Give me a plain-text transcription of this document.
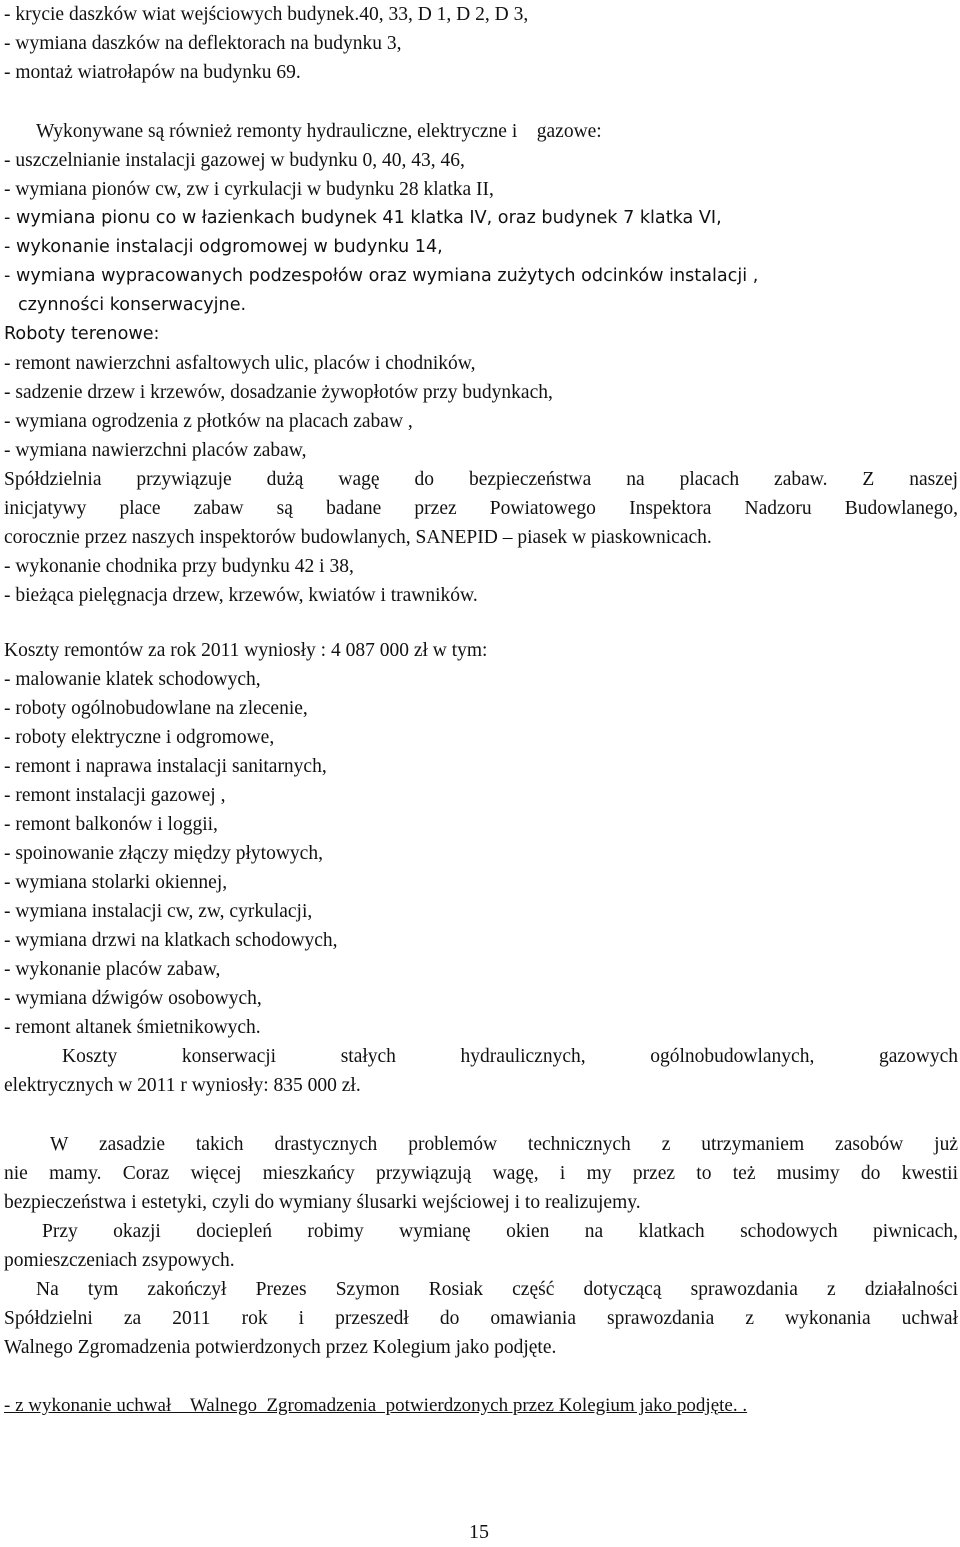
- krycie daszków wiat wejściowych budynek.40, 33, D 1, D 2, D 3,
- wymiana daszków na deflektorach na budynku 3,
- montaż wiatrołapów na budynku 69.
Wykonywane są również remonty hydrauliczne, elektryczne i    gazowe:
- uszczelnianie instalacji gazowej w budynku 0, 40, 43, 46,
- wymiana pionów cw, zw i cyrkulacji w budynku 28 klatka II,
- wymiana pionu co w łazienkach budynek 41 klatka IV, oraz budynek 7 klatka VI,
- wykonanie instalacji odgromowej w budynku 14,
- wymiana wypracowanych podzespołów oraz wymiana zużytych odcinków instalacji ,
czynności konserwacyjne.
Roboty terenowe:
- remont nawierzchni asfaltowych ulic, placów i chodników,
- sadzenie drzew i krzewów, dosadzanie żywopłotów przy budynkach,
- wymiana ogrodzenia z płotków na placach zabaw ,
- wymiana nawierzchni placów zabaw,
Spółdzielnia przywiązuje dużą wagę do bezpieczeństwa na placach zabaw. Z naszej
inicjatywy place zabaw są badane przez Powiatowego Inspektora Nadzoru Budowlanego,
corocznie przez naszych inspektorów budowlanych, SANEPID – piasek w piaskownicach.
- wykonanie chodnika przy budynku 42 i 38,
- bieżąca pielęgnacja drzew, krzewów, kwiatów i trawników.
Koszty remontów za rok 2011 wyniosły : 4 087 000 zł w tym:
- malowanie klatek schodowych,
- roboty ogólnobudowlane na zlecenie,
- roboty elektryczne i odgromowe,
- remont i naprawa instalacji sanitarnych,
- remont instalacji gazowej ,
- remont balkonów i loggii,
- spoinowanie złączy między płytowych,
- wymiana stolarki okiennej,
- wymiana instalacji cw, zw, cyrkulacji,
- wymiana drzwi na klatkach schodowych,
- wykonanie placów zabaw,
- wymiana dźwigów osobowych,
- remont altanek śmietnikowych.
Koszty konserwacji stałych hydraulicznych, ogólnobudowlanych, gazowych
elektrycznych w 2011 r wyniosły: 835 000 zł.
W zasadzie takich drastycznych problemów technicznych z utrzymaniem zasobów już
nie mamy. Coraz więcej mieszkańcy przywiązują wagę, i my przez to też musimy do kwestii
bezpieczeństwa i estetyki, czyli do wymiany ślusarki wejściowej i to realizujemy.
Przy okazji dociepleń robimy wymianę okien na klatkach schodowych piwnicach,
pomieszczeniach zsypowych.
Na tym zakończył Prezes Szymon Rosiak część dotyczącą sprawozdania z działalności
Spółdzielni za 2011 rok i przeszedł do omawiania sprawozdania z wykonania uchwał
Walnego Zgromadzenia potwierdzonych przez Kolegium jako podjęte.
- z wykonanie uchwał    Walnego  Zgromadzenia  potwierdzonych przez Kolegium jako podjęte. .
15
